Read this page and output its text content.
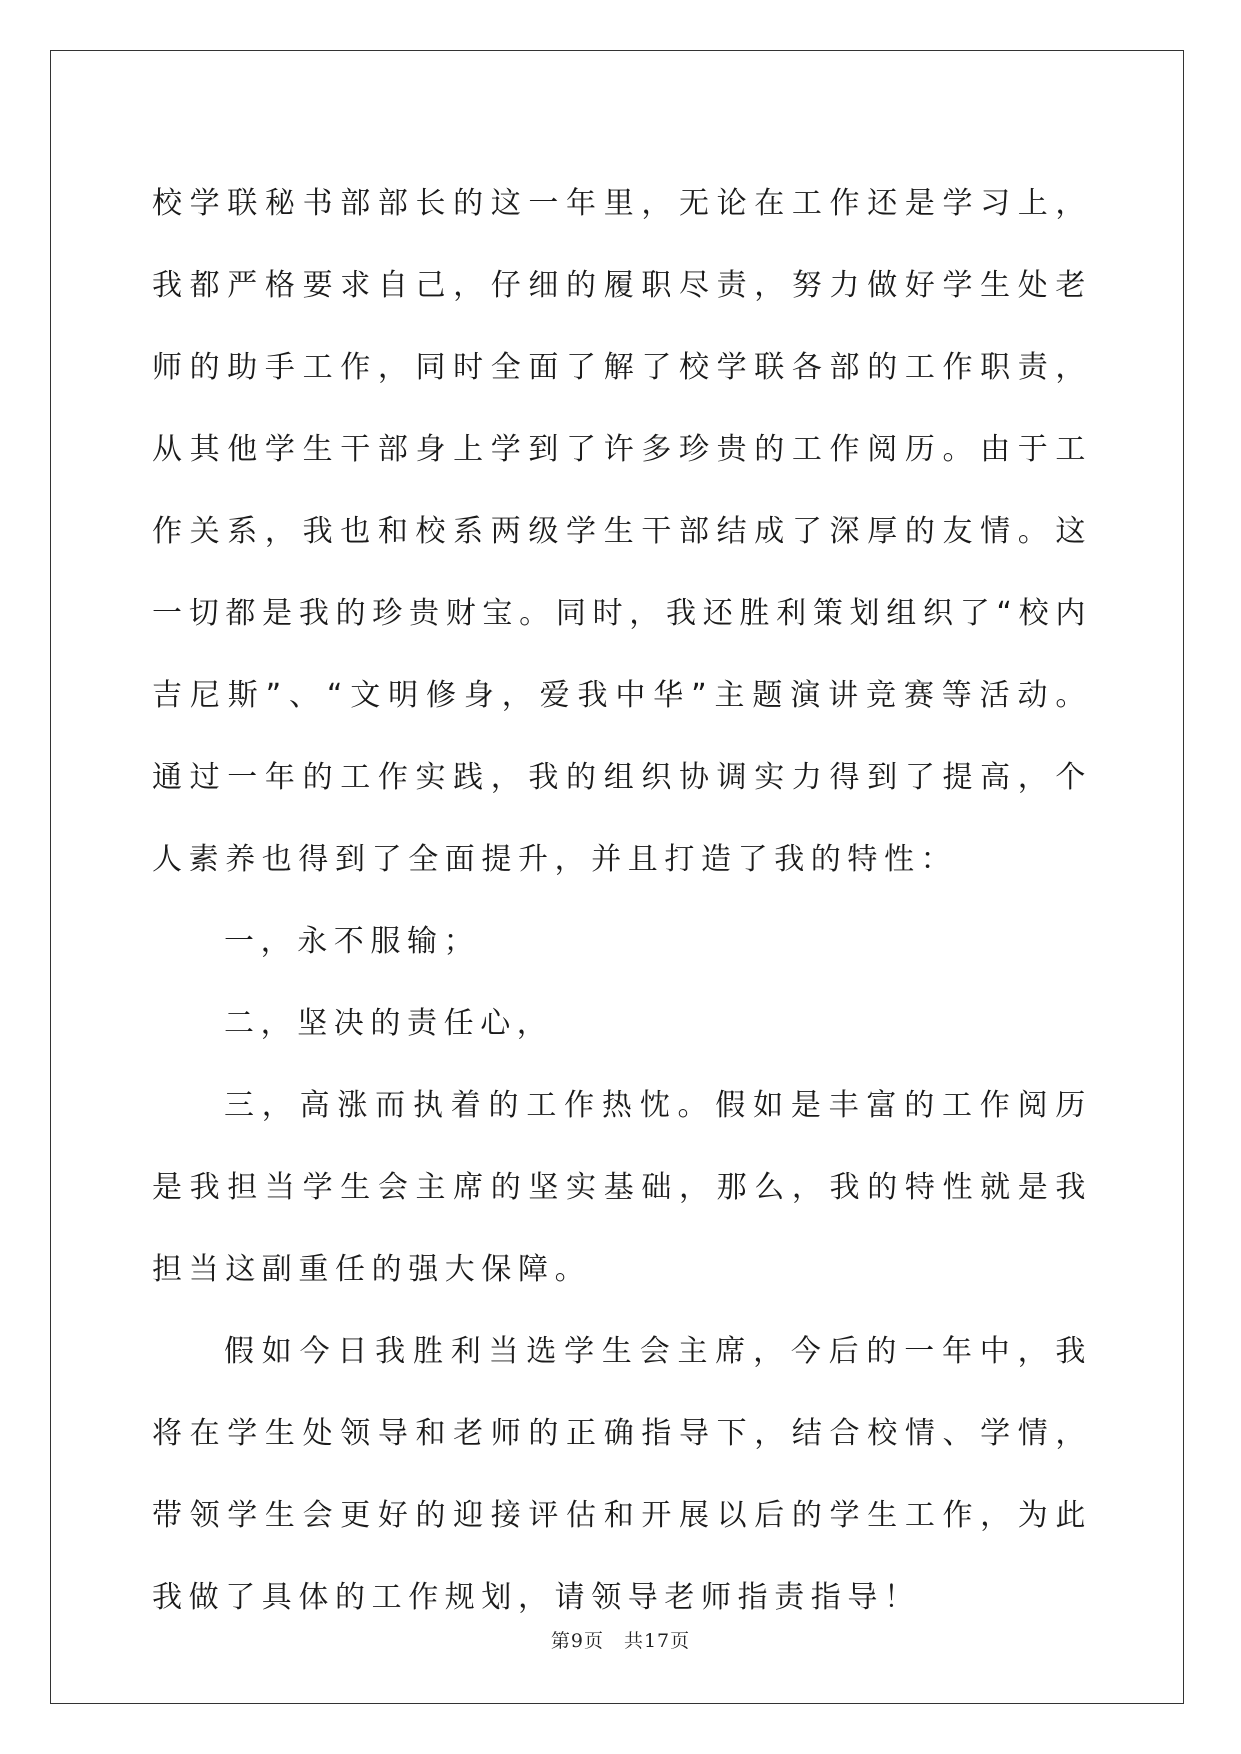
校学联秘书部部长的这一年里，无论在工作还是学习上，我都严格要求自己，仔细的履职尽责，努力做好学生处老师的助手工作，同时全面了解了校学联各部的工作职责，从其他学生干部身上学到了许多珍贵的工作阅历。由于工作关系，我也和校系两级学生干部结成了深厚的友情。这一切都是我的珍贵财宝。同时，我还胜利策划组织了“校内吉尼斯”、“文明修身，爱我中华”主题演讲竞赛等活动。通过一年的工作实践，我的组织协调实力得到了提高，个人素养也得到了全面提升，并且打造了我的特性：

一，永不服输；

二，坚决的责任心，

三，高涨而执着的工作热忱。假如是丰富的工作阅历是我担当学生会主席的坚实基础，那么，我的特性就是我担当这副重任的强大保障。

假如今日我胜利当选学生会主席，今后的一年中，我将在学生处领导和老师的正确指导下，结合校情、学情，带领学生会更好的迎接评估和开展以后的学生工作，为此我做了具体的工作规划，请领导老师指责指导！

第9页 共17页
